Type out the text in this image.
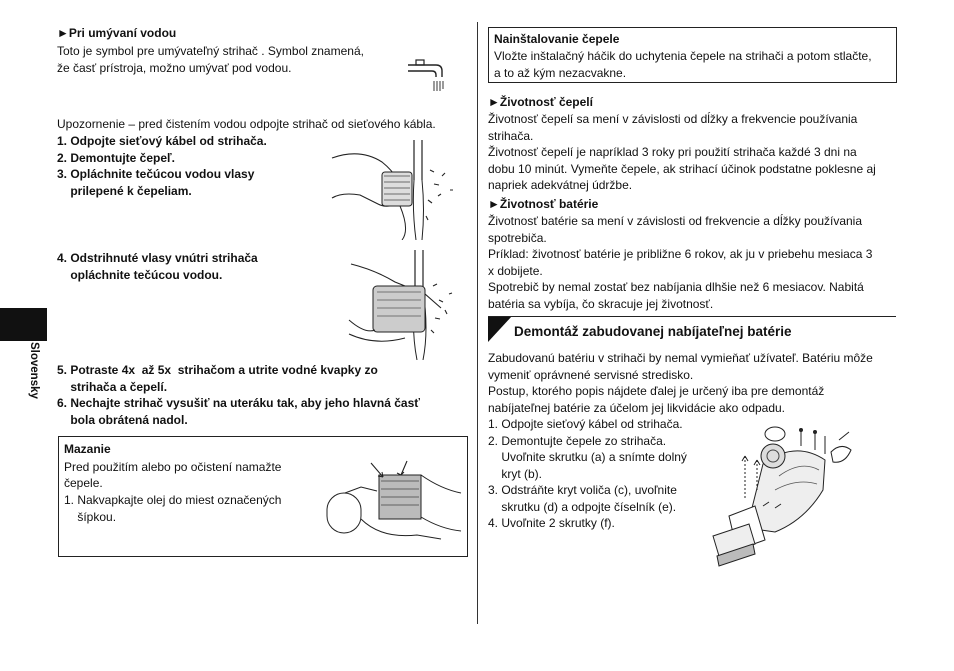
Slovensky
►Pri umývaní vodou
Toto je symbol pre umývateľný strihač . Symbol znamená,
že časť prístroja, možno umývať pod vodou.
Upozornenie – pred čistením vodou odpojte strihač od sieťového kábla.
1. Odpojte sieťový kábel od strihača.
2. Demontujte čepeľ.
3. Opláchnite tečúcou vodou vlasy
prilepené k čepeliam.
4. Odstrihnuté vlasy vnútri strihača
opláchnite tečúcou vodou.
5. Potraste 4x  až 5x  strihačom a utrite vodné kvapky zo
strihača a čepelí.
6. Nechajte strihač vysušiť na uteráku tak, aby jeho hlavná časť
bola obrátená nadol.
Mazanie
Pred použitím alebo po očistení namažte
čepele.
1. Nakvapkajte olej do miest označených
šípkou.
Nainštalovanie čepele
Vložte inštalačný háčik do uchytenia čepele na strihači a potom stlačte,
a to až kým nezacvakne.
►Životnosť čepelí
Životnosť čepelí sa mení v závislosti od dĺžky a frekvencie používania
strihača.
Životnosť čepelí je napríklad 3 roky pri použití strihača každé 3 dni na
dobu 10 minút. Vymeňte čepele, ak strihací účinok podstatne poklesne aj
napriek adekvátnej údržbe.
►Životnosť batérie
Životnosť batérie sa mení v závislosti od frekvencie a dĺžky používania
spotrebiča.
Príklad: životnosť batérie je približne 6 rokov, ak ju v priebehu mesiaca 3
x dobijete.
Spotrebič by nemal zostať bez nabíjania dlhšie než 6 mesiacov. Nabitá
batéria sa vybíja, čo skracuje jej životnosť.
Demontáž zabudovanej nabíjateľnej batérie
Zabudovanú batériu v strihači by nemal vymieňať užívateľ. Batériu môže
vymeniť oprávnené servisné stredisko.
Postup, ktorého popis nájdete ďalej je určený iba pre demontáž
nabíjateľnej batérie za účelom jej likvidácie ako odpadu.
1. Odpojte sieťový kábel od strihača.
2. Demontujte čepele zo strihača.
Uvoľnite skrutku (a) a snímte dolný
kryt (b).
3. Odstráňte kryt voliča (c), uvoľnite
skrutku (d) a odpojte číselník (e).
4. Uvoľnite 2 skrutky (f).
